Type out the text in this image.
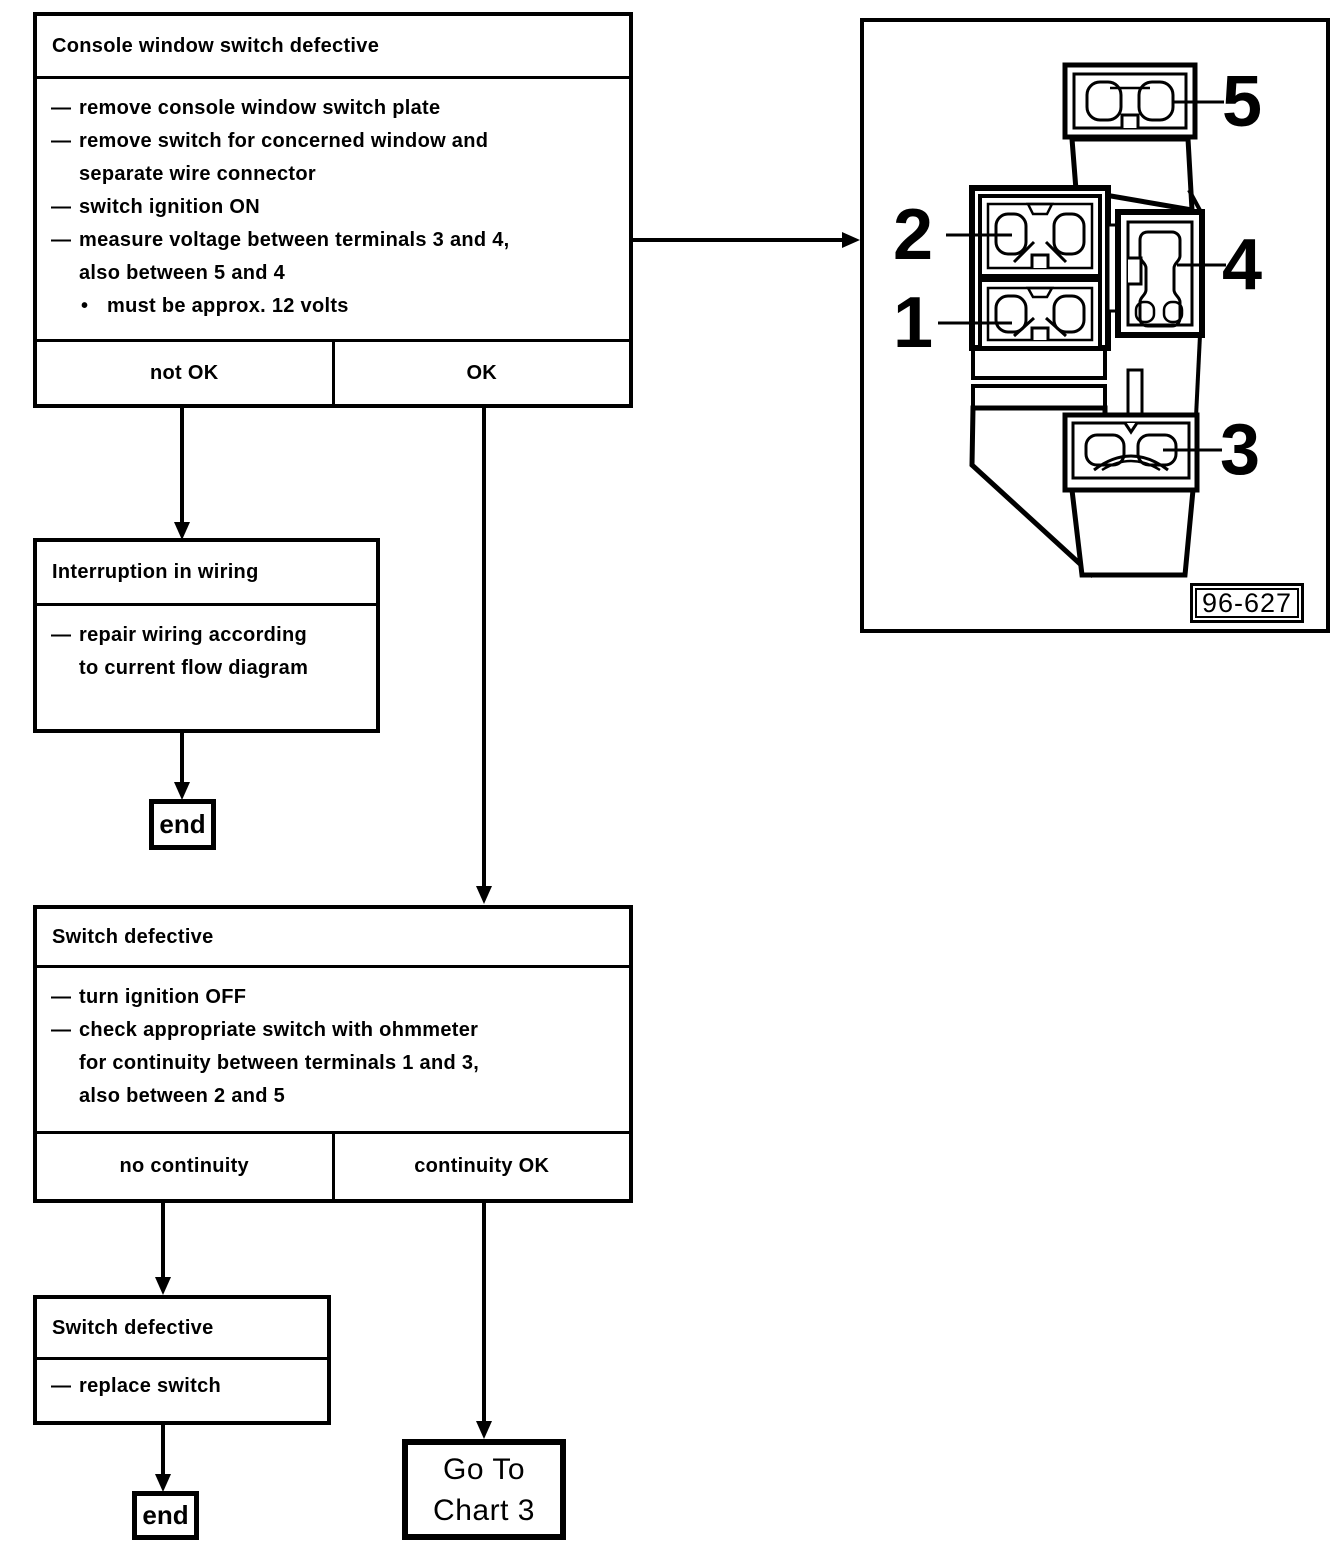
Console window switch defective
— remove console window switch plate
— remove switch for concerned window and
separate wire connector
— switch ignition ON
— measure voltage between terminals 3 and 4,
also between 5 and 4
• must be approx. 12 volts
not OK	OK
Interruption in wiring
— repair wiring according
to current flow diagram
end
Switch defective
— turn ignition OFF
— check appropriate switch with ohmmeter
for continuity between terminals 1 and 3,
also between 2 and 5
no continuity	continuity OK
Switch defective
— replace switch
end
Go To
Chart 3
5
2	4
1
3
96-627
